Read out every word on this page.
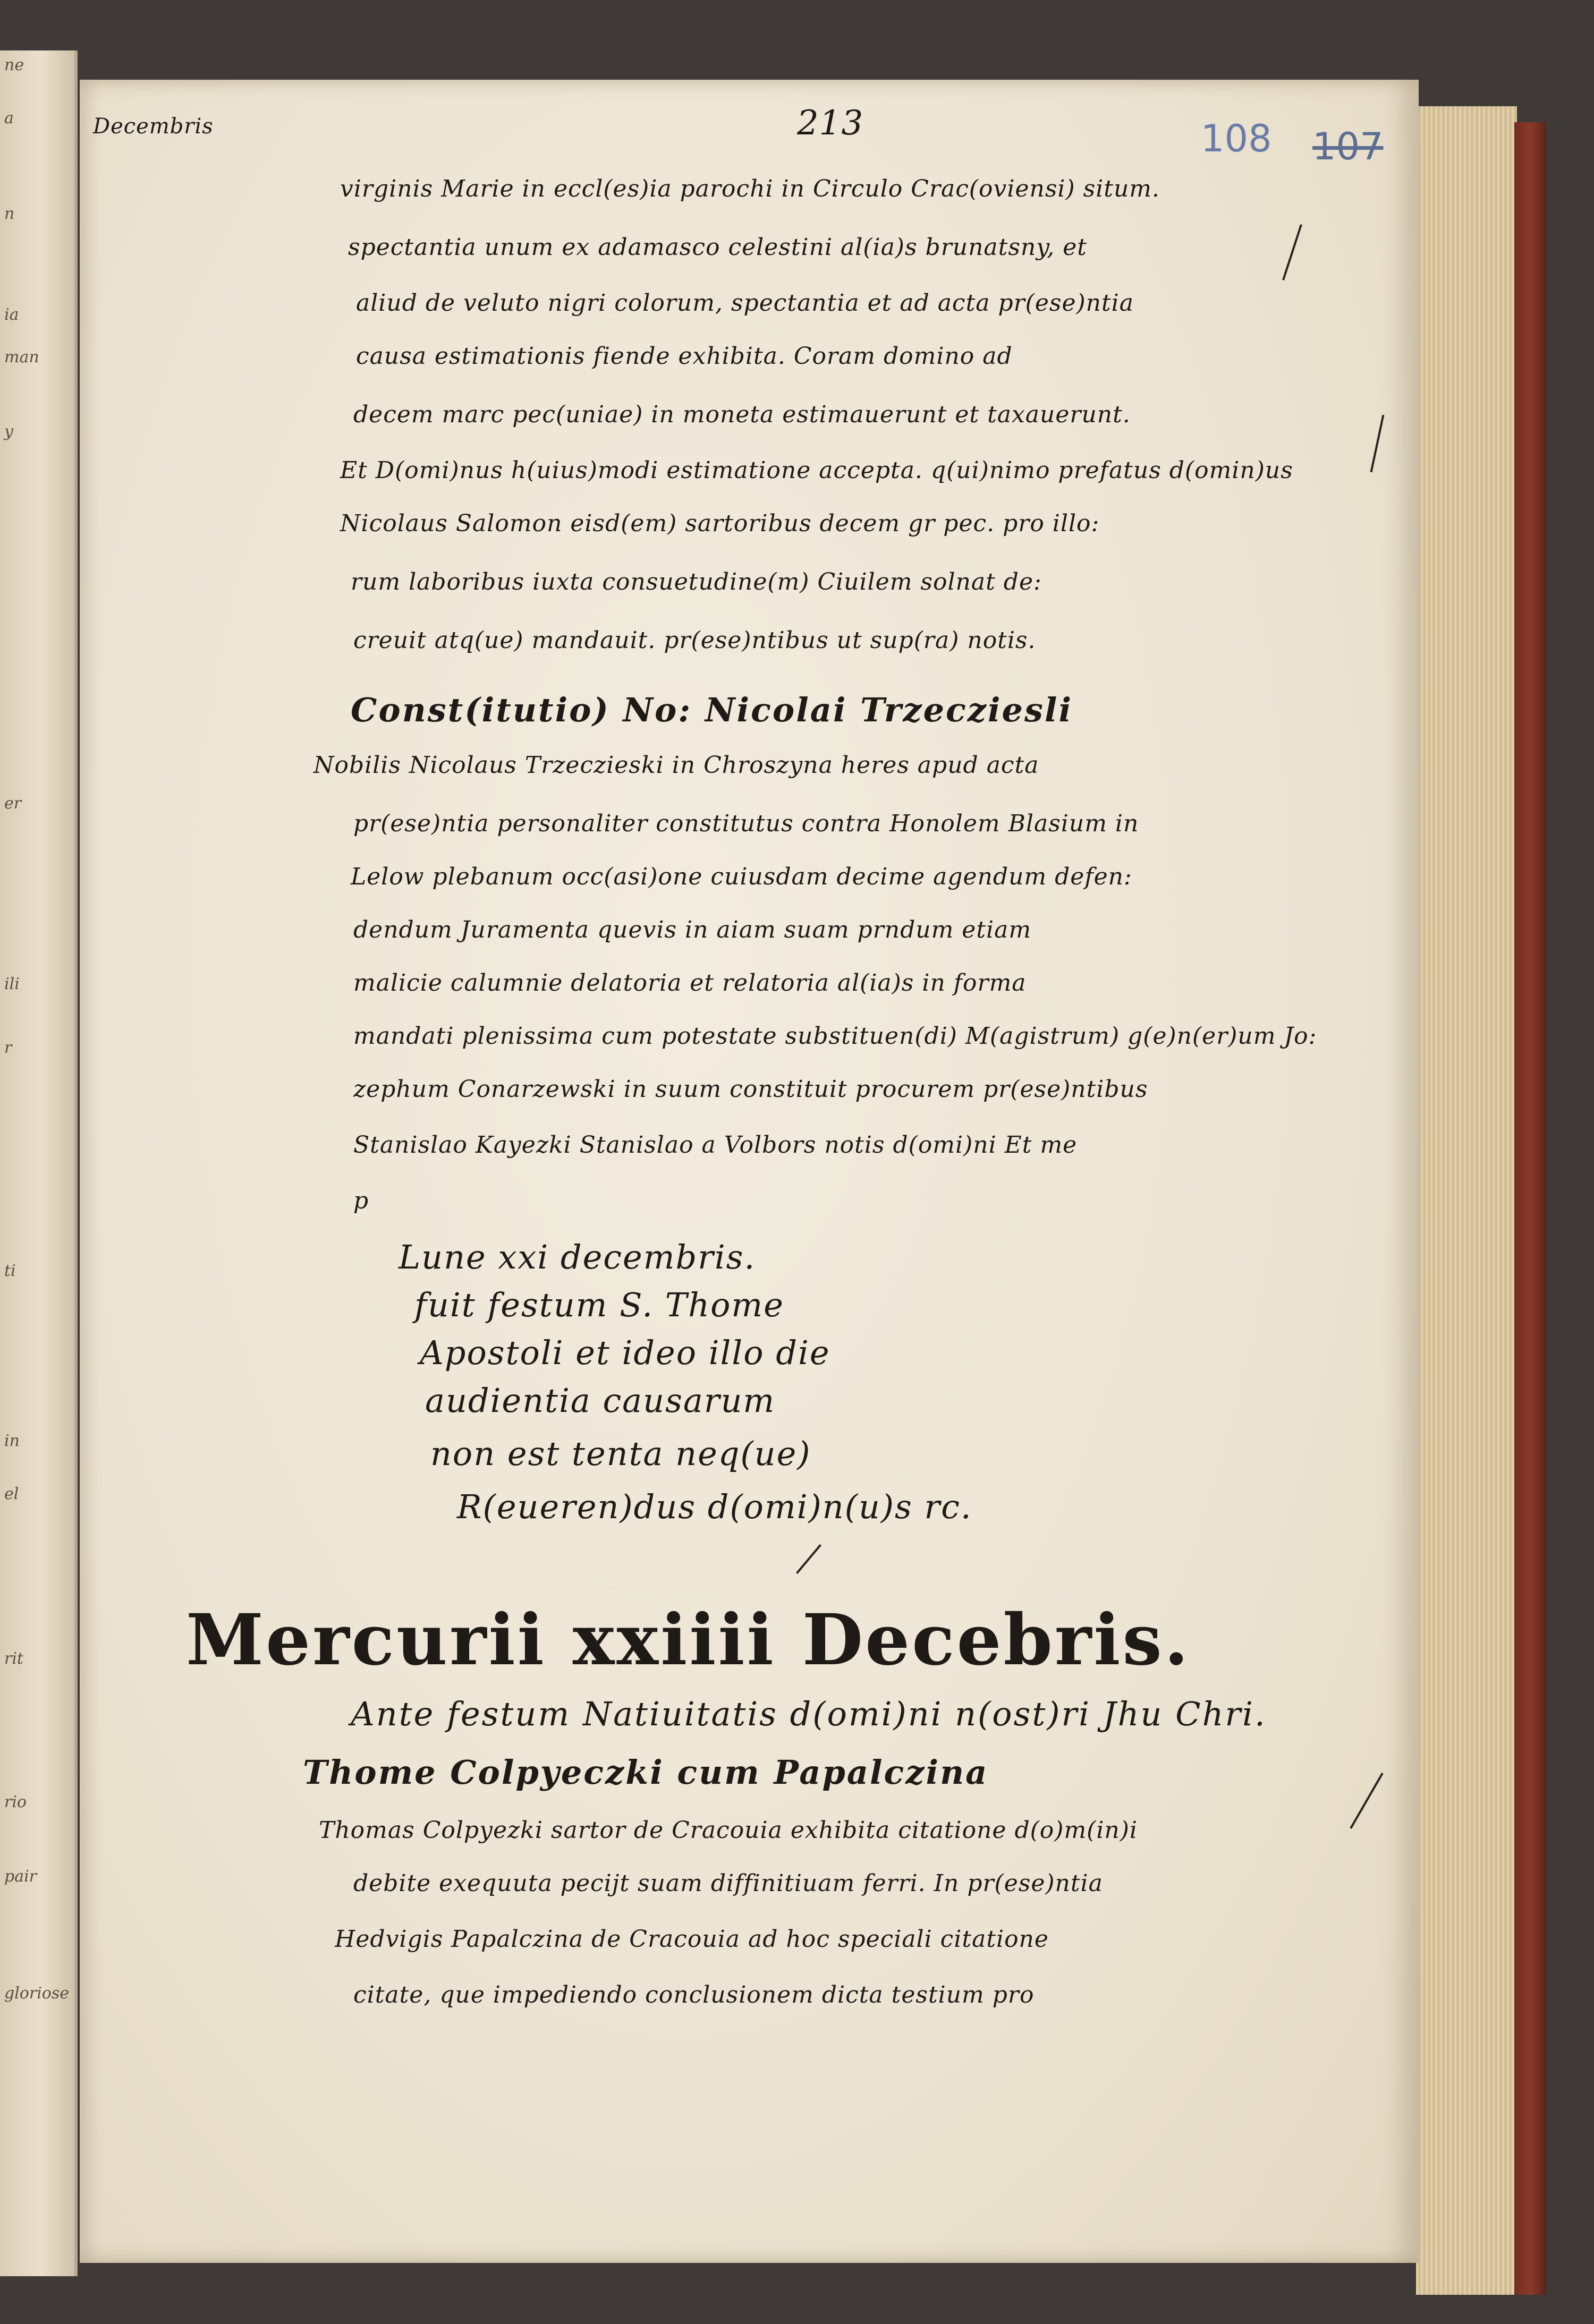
ne
a
n
ia
man
y
er
ili
r
ti
in
el
rit
rio
pair
gloriose
Decembris	213	108 107
virginis Marie in eccl(es)ia parochi in Circulo Crac(oviensi) situm.
spectantia unum ex adamasco celestini al(ia)s brunatsny, et
aliud de veluto nigri colorum, spectantia et ad acta pr(ese)ntia
causa estimationis fiende exhibita. Coram domino ad
decem marc pec(uniae) in moneta estimauerunt et taxauerunt.
Et D(omi)nus h(uius)modi estimatione accepta. q(ui)nimo prefatus d(omin)us
Nicolaus Salomon eisd(em) sartoribus decem gr pec. pro illo:
rum laboribus iuxta consuetudine(m) Ciuilem solnat de:
creuit atq(ue) mandauit. pr(ese)ntibus ut sup(ra) notis.
Const(itutio) No: Nicolai Trzecziesli
Nobilis Nicolaus Trzeczieski in Chroszyna heres apud acta
pr(ese)ntia personaliter constitutus contra Honolem Blasium in
Lelow plebanum occ(asi)one cuiusdam decime agendum defen:
dendum Juramenta quevis in aiam suam prndum etiam
malicie calumnie delatoria et relatoria al(ia)s in forma
mandati plenissima cum potestate substituen(di) M(agistrum) g(e)n(er)um Jo:
zephum Conarzewski in suum constituit procurem pr(ese)ntibus
Stanislao Kayezki Stanislao a Volbors notis d(omi)ni Et me
p
Lune xxi decembris.
fuit festum S. Thome
Apostoli et ideo illo die
audientia causarum
non est tenta neq(ue)
R(eueren)dus d(omi)n(u)s rc.
Mercurii xxiiii Decebris.
Ante festum Natiuitatis d(omi)ni n(ost)ri Jhu Chri.
Thome Colpyeczki cum Papalczina
Thomas Colpyezki sartor de Cracouia exhibita citatione d(o)m(in)i
debite exequuta pecijt suam diffinitiuam ferri. In pr(ese)ntia
Hedvigis Papalczina de Cracouia ad hoc speciali citatione
citate, que impediendo conclusionem dicta testium pro
